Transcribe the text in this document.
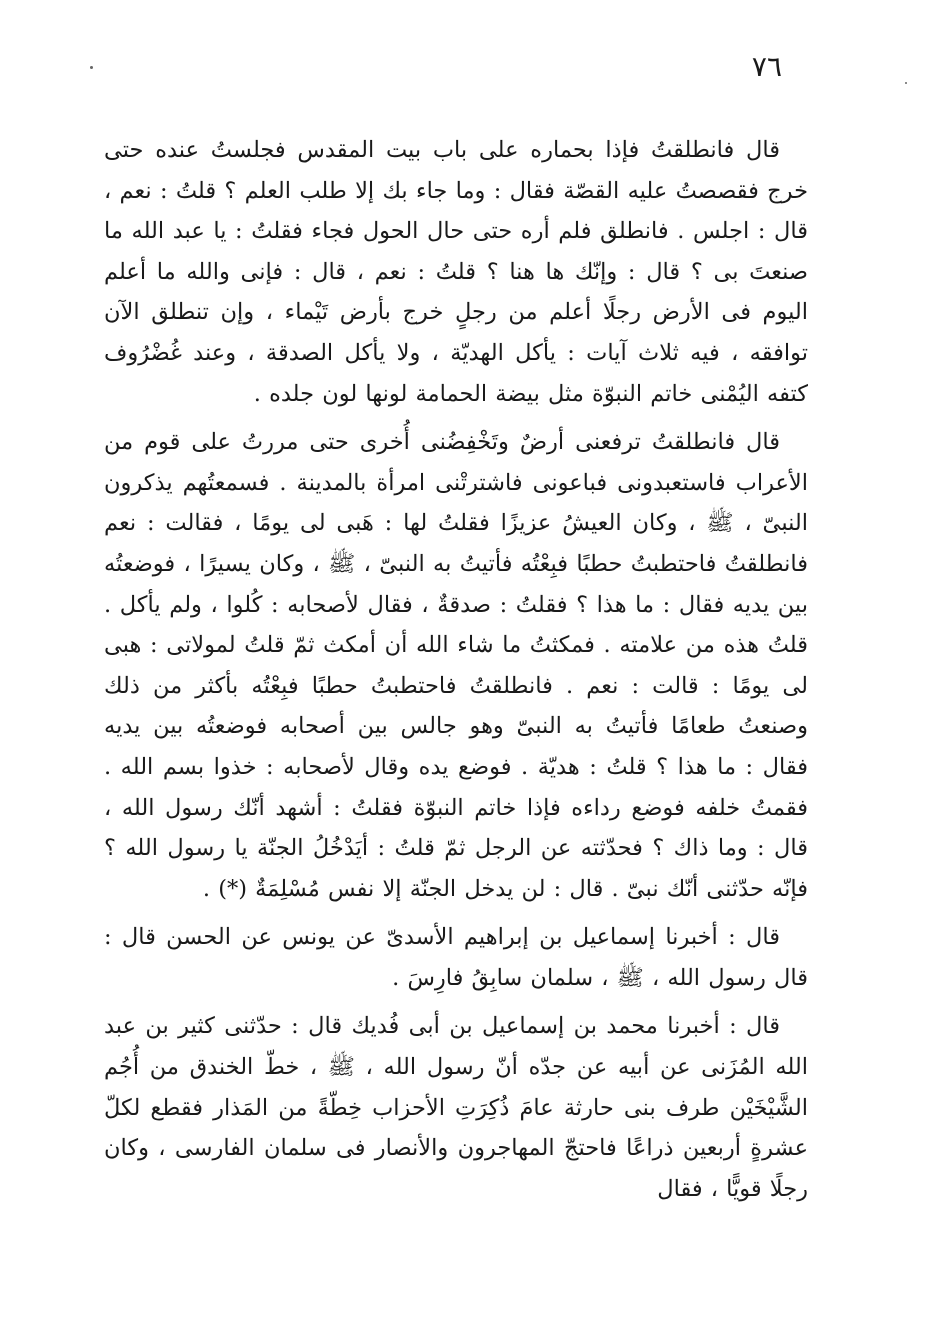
٧٦

قال فانطلقتُ فإذا بحماره على باب بيت المقدس فجلستُ عنده حتى خرج فقصصتُ عليه القصّة فقال : وما جاء بك إلا طلب العلم ؟ قلتُ : نعم ، قال : اجلس . فانطلق فلم أره حتى حال الحول فجاء فقلتُ : يا عبد الله ما صنعتَ بى ؟ قال : وإنّك ها هنا ؟ قلتُ : نعم ، قال : فإنى والله ما أعلم اليوم فى الأرض رجلًا أعلم من رجلٍ خرج بأرض تَيْماء ، وإن تنطلق الآن توافقه ، فيه ثلاث آيات : يأكل الهديّة ، ولا يأكل الصدقة ، وعند غُضْرُوف كتفه اليُمْنى خاتم النبوّة مثل بيضة الحمامة لونها لون جلده .

قال فانطلقتُ ترفعنى أرضٌ وتَخْفِضُنى أُخرى حتى مررتُ على قوم من الأعراب فاستعبدونى فباعونى فاشترتْنى امرأة بالمدينة . فسمعتُهم يذكرون النبىّ ، ﷺ ، وكان العيشُ عزيزًا فقلتُ لها : هَبى لى يومًا ، فقالت : نعم فانطلقتُ فاحتطبتُ حطبًا فبِعْتُه فأتيتُ به النبىّ ، ﷺ ، وكان يسيرًا ، فوضعتُه بين يديه فقال : ما هذا ؟ فقلتُ : صدقةٌ ، فقال لأصحابه : كُلوا ، ولم يأكل . قلتُ هذه من علامته . فمكثتُ ما شاء الله أن أمكث ثمّ قلتُ لمولاتى : هبى لى يومًا : قالت : نعم . فانطلقتُ فاحتطبتُ حطبًا فبِعْتُه بأكثر من ذلك وصنعتُ طعامًا فأتيتُ به النبىّ وهو جالس بين أصحابه فوضعتُه بين يديه فقال : ما هذا ؟ قلتُ : هديّة . فوضع يده وقال لأصحابه : خذوا بسم الله . فقمتُ خلفه فوضع رداءه فإذا خاتم النبوّة فقلتُ : أشهد أنّك رسول الله ، قال : وما ذاك ؟ فحدّثته عن الرجل ثمّ قلتُ : أيَدْخُلُ الجنّة يا رسول الله ؟ فإنّه حدّثنى أنّك نبىّ . قال : لن يدخل الجنّة إلا نفس مُسْلِمَةٌ (*) .

قال : أخبرنا إسماعيل بن إبراهيم الأسدىّ عن يونس عن الحسن قال : قال رسول الله ، ﷺ ، سلمان سابِقُ فارِسَ .

قال : أخبرنا محمد بن إسماعيل بن أبى فُديك قال : حدّثنى كثير بن عبد الله المُزَنى عن أبيه عن جدّه أنّ رسول الله ، ﷺ ، خطّ الخندق من أُجُم الشَّيْخَيْن طرف بنى حارثة عامَ ذُكِرَتِ الأحزاب خِطّةً من المَذار فقطع لكلّ عشرةٍ أربعين ذراعًا فاحتجّ المهاجرون والأنصار فى سلمان الفارسى ، وكان رجلًا قويًّا ، فقال
